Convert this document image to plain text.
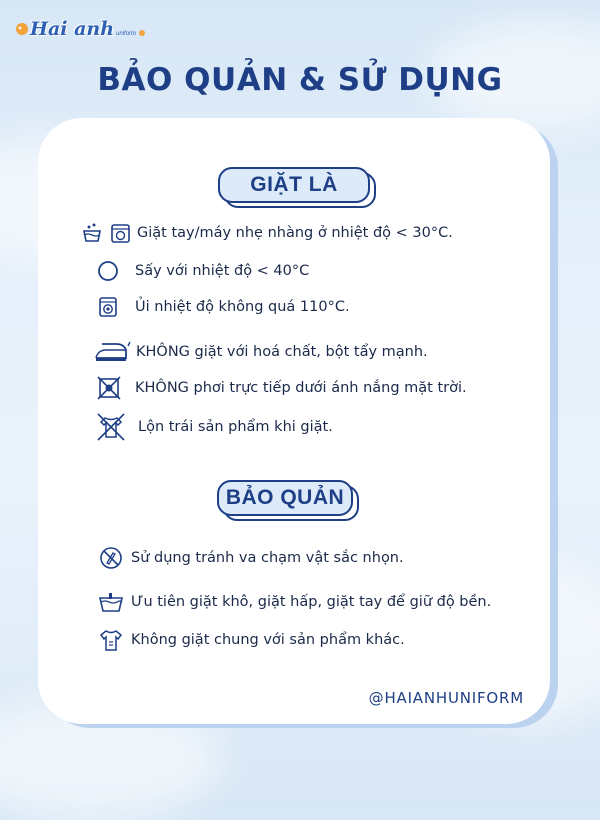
Hai anh uniform
BẢO QUẢN & SỬ DỤNG
GIẶT LÀ
Giặt tay/máy nhẹ nhàng ở nhiệt độ < 30°C.
Sấy với nhiệt độ < 40°C
Ủi nhiệt độ không quá 110°C.
KHÔNG giặt với hoá chất, bột tẩy mạnh.
KHÔNG phơi trực tiếp dưới ánh nắng mặt trời.
Lộn trái sản phẩm khi giặt.
BẢO QUẢN
Sử dụng tránh va chạm vật sắc nhọn.
Ưu tiên giặt khô, giặt hấp, giặt tay để giữ độ bền.
Không giặt chung với sản phẩm khác.
@HAIANHUNIFORM
